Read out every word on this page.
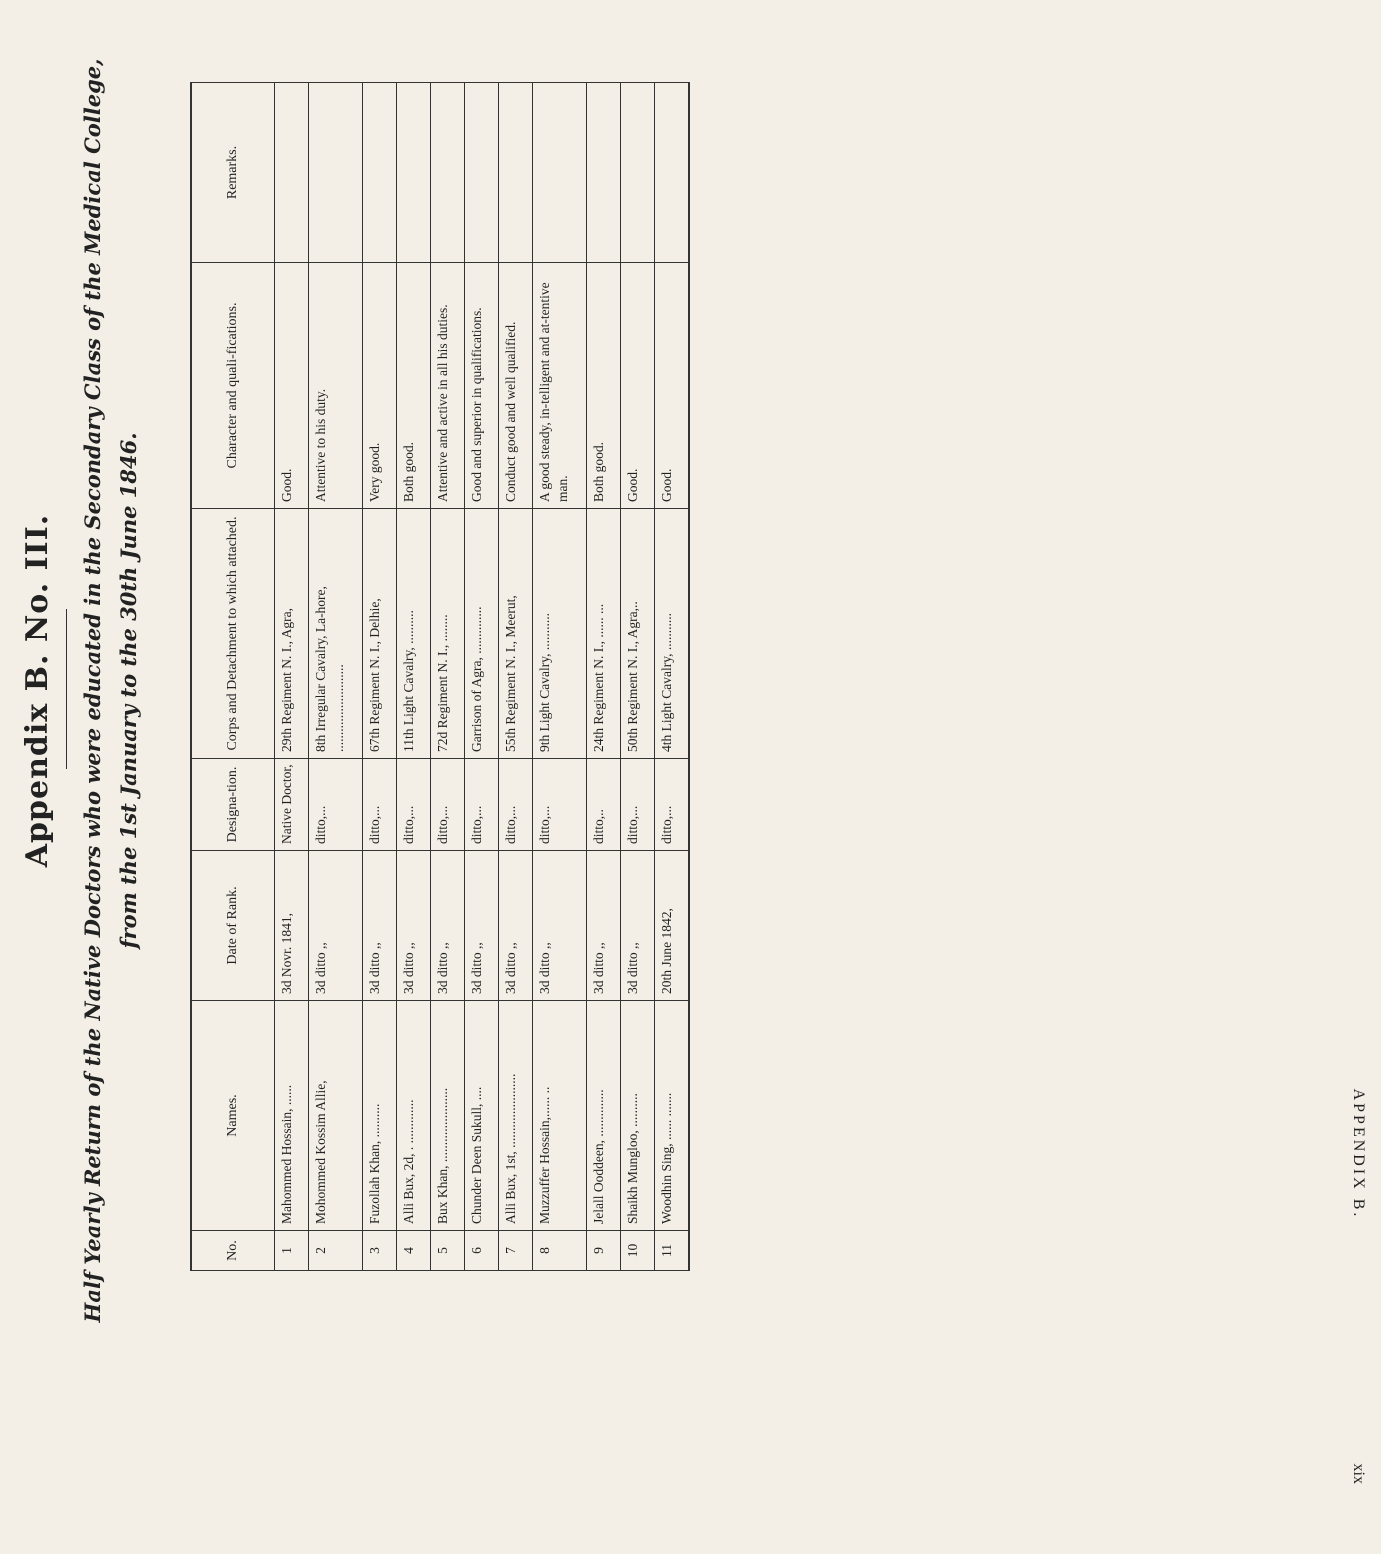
Appendix B. No. III. Half Yearly Return of the Native Doctors who were educated in the Secondary Class of the Medical College, from the 1st January to the 30th June 1846.
No.	Names.	Date of Rank.	Designa-tion.	Corps and Detachment to which attached.	Character and quali-fications.	Remarks.

1	Mahommed Hossain, ......	3d Novr. 1841,	Native Doctor,	29th Regiment N. I., Agra,	Good.	

2	Mohommed Kossim Allie,	3d ditto ,,	ditto,...	8th Irregular Cavalry, La-hore, ..........................	Attentive to his duty.	

3	Fuzollah Khan, ..........	3d ditto ,,	ditto,...	67th Regiment N. I., Delhie,	Very good.	

4	Alli Bux, 2d, . .............	3d ditto ,,	ditto,...	11th Light Cavalry, ..........	Both good.	

5	Bux Khan, ......................	3d ditto ,,	ditto,...	72d Regiment N. I., ........	Attentive and active in all his duties.	

6	Chunder Deen Sukull, ....	3d ditto ,,	ditto,...	Garrison of Agra, ..............	Good and superior in qualifications.	

7	Alli Bux, 1st, ......................	3d ditto ,,	ditto,...	55th Regiment N. I., Meerut,	Conduct good and well qualified.	

8	Muzzuffer Hossain,...... ..	3d ditto ,,	ditto,...	9th Light Cavalry, ...........	A good steady, in-telligent and at-tentive man.	

9	Jelall Ooddeen, ..............	3d ditto ,,	ditto,..	24th Regiment N. I., ...... ...	Both good.	

10	Shaikh Mungloo, ..........	3d ditto ,,	ditto,...	50th Regiment N. I., Agra,..	Good.	

11	Woodhin Sing, ...... .......	20th June 1842,	ditto,...	4th Light Cavalry, ...........	Good.	

APPENDIX B.
xix
